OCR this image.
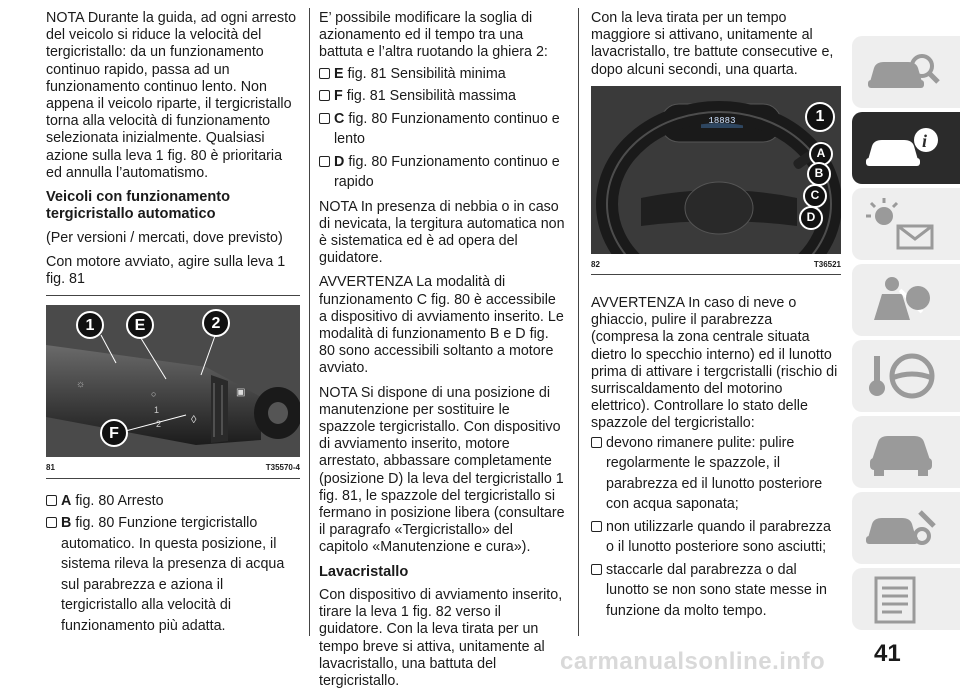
NOTA Durante la guida, ad ogni arresto del veicolo si riduce la velocità del tergicristallo: da un funzionamento continuo rapido, passa ad un funzionamento continuo lento. Non appena il veicolo riparte, il tergicristallo torna alla velocità di funzionamento selezionata inizialmente. Qualsiasi azione sulla leva 1 fig. 80 è prioritaria ed annulla l’automatismo.

Veicoli con funzionamento tergicristallo automatico

(Per versioni / mercati, dove previsto)

Con motore avviato, agire sulla leva 1 fig. 81

☼
○
1
2	◊
▣
1	E	2
F
81	T35570-4
A fig. 80 Arresto
B fig. 80 Funzione tergicristallo automatico. In questa posizione, il sistema rileva la presenza di acqua sul parabrezza e aziona il tergicristallo alla velocità di funzionamento più adatta.

E’ possibile modificare la soglia di azionamento ed il tempo tra una battuta e l’altra ruotando la ghiera 2:

E fig. 81 Sensibilità minima
F fig. 81 Sensibilità massima
C fig. 80 Funzionamento continuo e lento
D fig. 80 Funzionamento continuo e rapido

NOTA In presenza di nebbia o in caso di nevicata, la tergitura automatica non è sistematica ed è ad opera del guidatore.

AVVERTENZA La modalità di funzionamento C fig. 80 è accessibile a dispositivo di avviamento inserito. Le modalità di funzionamento B e D fig. 80 sono accessibili soltanto a motore avviato.

NOTA Si dispone di una posizione di manutenzione per sostituire le spazzole tergicristallo. Con dispositivo di avviamento inserito, motore arrestato, abbassare completamente (posizione D) la leva del tergicristallo 1 fig. 81, le spazzole del tergicristallo si fermano in posizione libera (consultare il paragrafo «Tergicristallo» del capitolo «Manutenzione e cura»).

Lavacristallo

Con dispositivo di avviamento inserito, tirare la leva 1 fig. 82 verso il guidatore. Con la leva tirata per un tempo breve si attiva, unitamente al lavacristallo, una battuta del tergicristallo.

Con la leva tirata per un tempo maggiore si attivano, unitamente al lavacristallo, tre battute consecutive e, dopo alcuni secondi, una quarta.

18883	1
A
B
C
D
82	T36521

AVVERTENZA In caso di neve o ghiaccio, pulire il parabrezza (compresa la zona centrale situata dietro lo specchio interno) ed il lunotto prima di attivare i tergcristalli (rischio di surriscaldamento del motorino elettrico). Controllare lo stato delle spazzole del tergicristallo:

devono rimanere pulite: pulire regolarmente le spazzole, il parabrezza ed il lunotto posteriore con acqua saponata;
non utilizzarle quando il parabrezza o il lunotto posteriore sono asciutti;
staccarle dal parabrezza o dal lunotto se non sono state messe in funzione da molto tempo.
i
carmanualsonline.info 41
